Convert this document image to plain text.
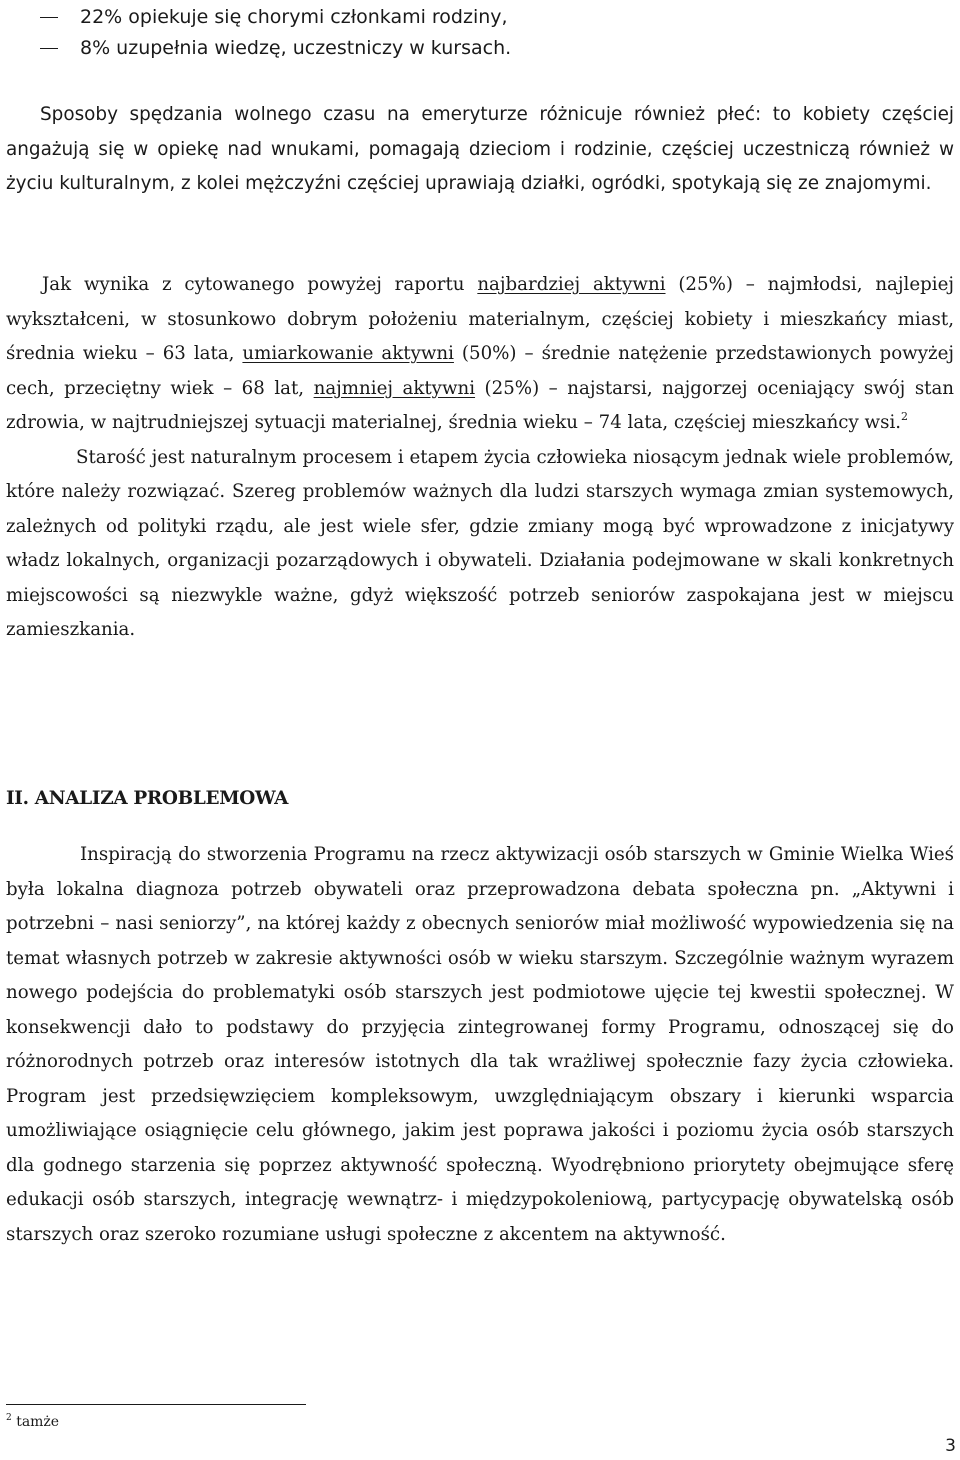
22% opiekuje się chorymi członkami rodziny,
8% uzupełnia wiedzę, uczestniczy w kursach.
Sposoby spędzania wolnego czasu na emeryturze różnicuje również płeć: to kobiety częściej angażują się w opiekę nad wnukami, pomagają dzieciom i rodzinie, częściej uczestniczą również w życiu kulturalnym, z kolei mężczyźni częściej uprawiają działki, ogródki, spotykają się ze znajomymi.
Jak wynika z cytowanego powyżej raportu najbardziej aktywni (25%) – najmłodsi, najlepiej wykształceni, w stosunkowo dobrym położeniu materialnym, częściej kobiety i mieszkańcy miast, średnia wieku – 63 lata, umiarkowanie aktywni (50%) – średnie natężenie przedstawionych powyżej cech, przeciętny wiek – 68 lat, najmniej aktywni (25%) – najstarsi, najgorzej oceniający swój stan zdrowia, w najtrudniejszej sytuacji materialnej, średnia wieku – 74 lata, częściej mieszkańcy wsi.$^2$
Starość jest naturalnym procesem i etapem życia człowieka niosącym jednak wiele problemów, które należy rozwiązać. Szereg problemów ważnych dla ludzi starszych wymaga zmian systemowych, zależnych od polityki rządu, ale jest wiele sfer, gdzie zmiany mogą być wprowadzone z inicjatywy władz lokalnych, organizacji pozarządowych i obywateli. Działania podejmowane w skali konkretnych miejscowości są niezwykle ważne, gdyż większość potrzeb seniorów zaspokajana jest w miejscu zamieszkania.
II. ANALIZA PROBLEMOWA
Inspiracją do stworzenia Programu na rzecz aktywizacji osób starszych w Gminie Wielka Wieś była lokalna diagnoza potrzeb obywateli oraz przeprowadzona debata społeczna pn. „Aktywni i potrzebni – nasi seniorzy”, na której każdy z obecnych seniorów miał możliwość wypowiedzenia się na temat własnych potrzeb w zakresie aktywności osób w wieku starszym. Szczególnie ważnym wyrazem nowego podejścia do problematyki osób starszych jest podmiotowe ujęcie tej kwestii społecznej. W konsekwencji dało to podstawy do przyjęcia zintegrowanej formy Programu, odnoszącej się do różnorodnych potrzeb oraz interesów istotnych dla tak wrażliwej społecznie fazy życia człowieka. Program jest przedsięwzięciem kompleksowym, uwzględniającym obszary i kierunki wsparcia umożliwiające osiągnięcie celu głównego, jakim jest poprawa jakości i poziomu życia osób starszych dla godnego starzenia się poprzez aktywność społeczną. Wyodrębniono priorytety obejmujące sferę edukacji osób starszych, integrację wewnątrz- i międzypokoleniową, partycypację obywatelską osób starszych oraz szeroko rozumiane usługi społeczne z akcentem na aktywność.
$^2$ tamże
3
